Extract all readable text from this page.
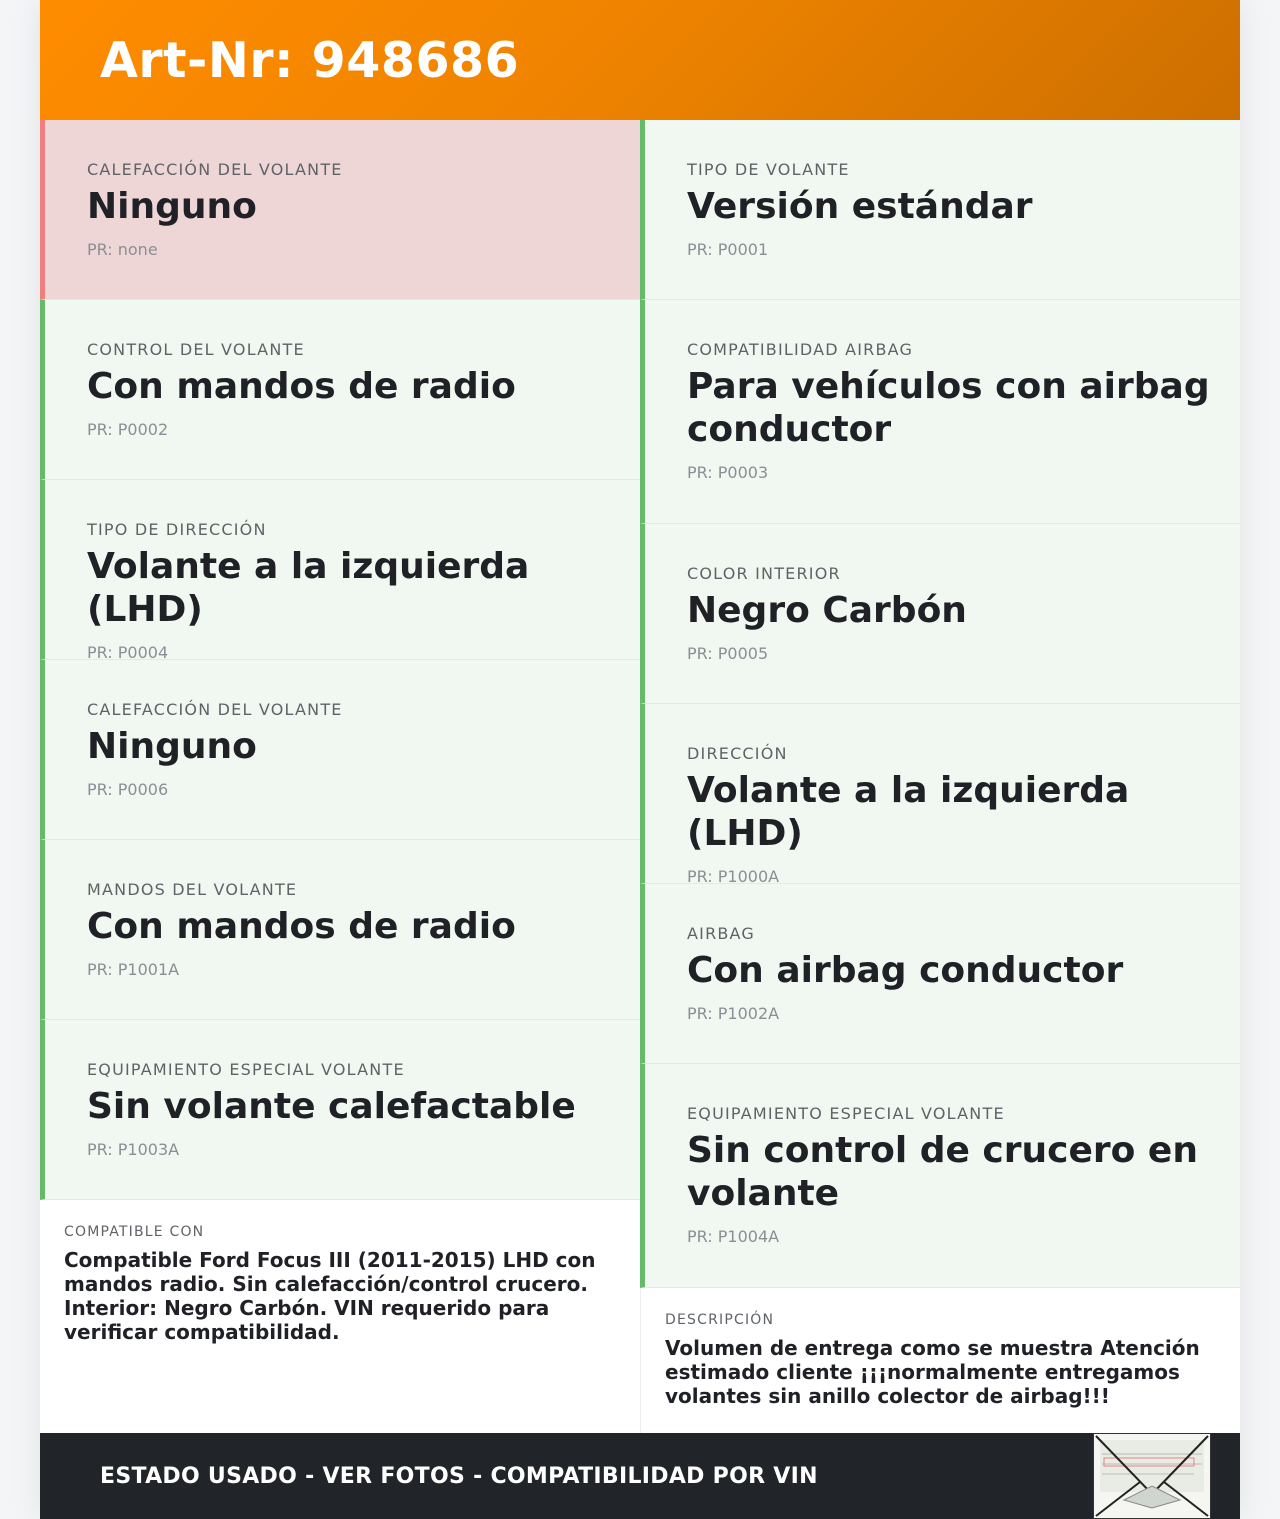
Art-Nr: 948686
CALEFACCIÓN DEL VOLANTE
Ninguno
PR: none
CONTROL DEL VOLANTE
Con mandos de radio
PR: P0002
TIPO DE DIRECCIÓN
Volante a la izquierda (LHD)
PR: P0004
CALEFACCIÓN DEL VOLANTE
Ninguno
PR: P0006
MANDOS DEL VOLANTE
Con mandos de radio
PR: P1001A
EQUIPAMIENTO ESPECIAL VOLANTE
Sin volante calefactable
PR: P1003A
COMPATIBLE CON
Compatible Ford Focus III (2011-2015) LHD con mandos radio. Sin calefacción/control crucero. Interior: Negro Carbón. VIN requerido para verificar compatibilidad.
TIPO DE VOLANTE
Versión estándar
PR: P0001
COMPATIBILIDAD AIRBAG
Para vehículos con airbag conductor
PR: P0003
COLOR INTERIOR
Negro Carbón
PR: P0005
DIRECCIÓN
Volante a la izquierda (LHD)
PR: P1000A
AIRBAG
Con airbag conductor
PR: P1002A
EQUIPAMIENTO ESPECIAL VOLANTE
Sin control de crucero en volante
PR: P1004A
DESCRIPCIÓN
Volumen de entrega como se muestra Atención estimado cliente ¡¡¡normalmente entregamos volantes sin anillo colector de airbag!!!
ESTADO USADO - VER FOTOS - COMPATIBILIDAD POR VIN
